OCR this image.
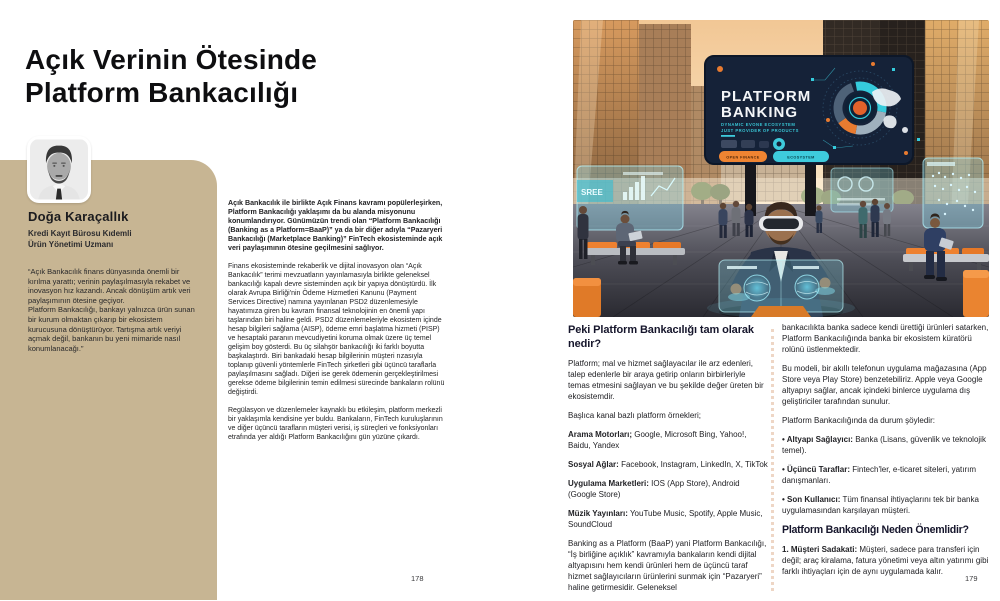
Açık Verinin Ötesinde Platform Bankacılığı
Doğa Karaçallık
Kredi Kayıt Bürosu Kıdemli
Ürün Yönetimi Uzmanı
“Açık Bankacılık finans dünyasında önemli bir kırılma yarattı; verinin paylaşılmasıyla rekabet ve inovasyon hız kazandı. Ancak dönüşüm artık veri paylaşımının ötesine geçiyor.
Platform Bankacılığı, bankayı yalnızca ürün sunan bir kurum olmaktan çıkarıp bir ekosistem kurucusuna dönüştürüyor. Tartışma artık veriyi açmak değil, bankanın bu yeni mimaride nasıl konumlanacağı.”

Açık Bankacılık ile birlikte Açık Finans kavramı popülerleşirken, Platform Bankacılığı yaklaşımı da bu alanda misyonunu konumlandırıyor. Günümüzün trendi olan “Platform Bankacılığı (Banking as a Platform=BaaP)” ya da bir diğer adıyla “Pazaryeri Bankacılığı (Marketplace Banking)” FinTech ekosisteminde açık veri paylaşımının ötesine geçilmesini sağlıyor.

Finans ekosisteminde rekaberlik ve dijital inovasyon olan “Açık Bankacılık” terimi mevzuatların yayınlamasıyla birlikte geleneksel bankacılığı kapalı devre sisteminden açık bir yapıya dönüştürdü. İlk olarak Avrupa Birliği'nin Ödeme Hizmetleri Kanunu (Payment Services Directive) namına yayınlanan PSD2 düzenlemesiyle hayatımıza giren bu kavram finansal teknolojinin en önemli yapı taşlarından biri haline geldi. PSD2 düzenlemeleriyle ekosistem içinde hesap bilgileri sağlama (AISP), ödeme emri başlatma hizmeti (PISP) ve hesaptaki paranın mevcudiyetini koruma olmak üzere üç temel gelişim boy gösterdi. Bu üç silahşör bankacılığı iki farklı boyutta başkalaştırdı. Biri bankadaki hesap bilgilerinin müşteri rızasıyla toplanıp güvenli yöntemlerle FinTech şirketleri gibi üçüncü taraflarla paylaşılmasını sağladı. Diğeri ise gerek ödemenin gerçekleştirilmesi gerekse ödeme bilgilerinin temin edilmesi sürecinde bankaların rolünü değiştirdi.

Regülasyon ve düzenlemeler kaynaklı bu etkileşim, platform merkezli bir yaklaşımla kendisine yer buldu. Bankaların, FinTech kuruluşlarının ve diğer üçüncü tarafların müşteri verisi, iş süreçleri ve fonksiyonları etrafında yer aldığı Platform Bankacılığını gün yüzüne çıkardı.

178
PLATFORM
BANKING
DYNAMIC EVONE ECOSYSTEM
JUST PROVIDER OF PRODUCTS
OPEN FINANCE	ECOSYSTEM
SREE
Peki Platform Bankacılığı tam olarak nedir?

Platform; mal ve hizmet sağlayacılar ile arz edenleri, talep edenlerle bir araya getirip onların birbirleriyle temas etmesini sağlayan ve bu şekilde değer üreten bir ekosistemdir.

Başlıca kanal bazlı platform örnekleri;

Arama Motorları; Google, Microsoft Bing, Yahoo!, Baidu, Yandex

Sosyal Ağlar: Facebook, Instagram, LinkedIn, X, TikTok

Uygulama Marketleri: IOS (App Store), Android (Google Store)

Müzik Yayınları: YouTube Music, Spotify, Apple Music, SoundCloud

Banking as a Platform (BaaP) yani Platform Bankacılığı, “İş birliğine açıklık” kavramıyla bankaların kendi dijital altyapısını hem kendi ürünleri hem de üçüncü taraf hizmet sağlayıcıların ürünlerini sunmak için “Pazaryeri” haline getirmesidir. Geleneksel

bankacılıkta banka sadece kendi ürettiği ürünleri satarken, Platform Bankacılığında banka bir ekosistem küratörü rolünü üstlenmektedir.

Bu modeli, bir akıllı telefonun uygulama mağazasına (App Store veya Play Store) benzetebiliriz. Apple veya Google altyapıyı sağlar, ancak içindeki binlerce uygulama dış geliştiriciler tarafından sunulur.

Platform Bankacılığında da durum şöyledir:

• Altyapı Sağlayıcı: Banka (Lisans, güvenlik ve teknolojik temel).

• Üçüncü Taraflar: Fintech'ler, e-ticaret siteleri, yatırım danışmanları.

• Son Kullanıcı: Tüm finansal ihtiyaçlarını tek bir banka uygulamasından karşılayan müşteri.

Platform Bankacılığı Neden Önemlidir?

1. Müşteri Sadakati: Müşteri, sadece para transferi için değil; araç kiralama, fatura yönetimi veya altın yatırımı gibi farklı ihtiyaçları için de aynı uygulamada kalır.

179
